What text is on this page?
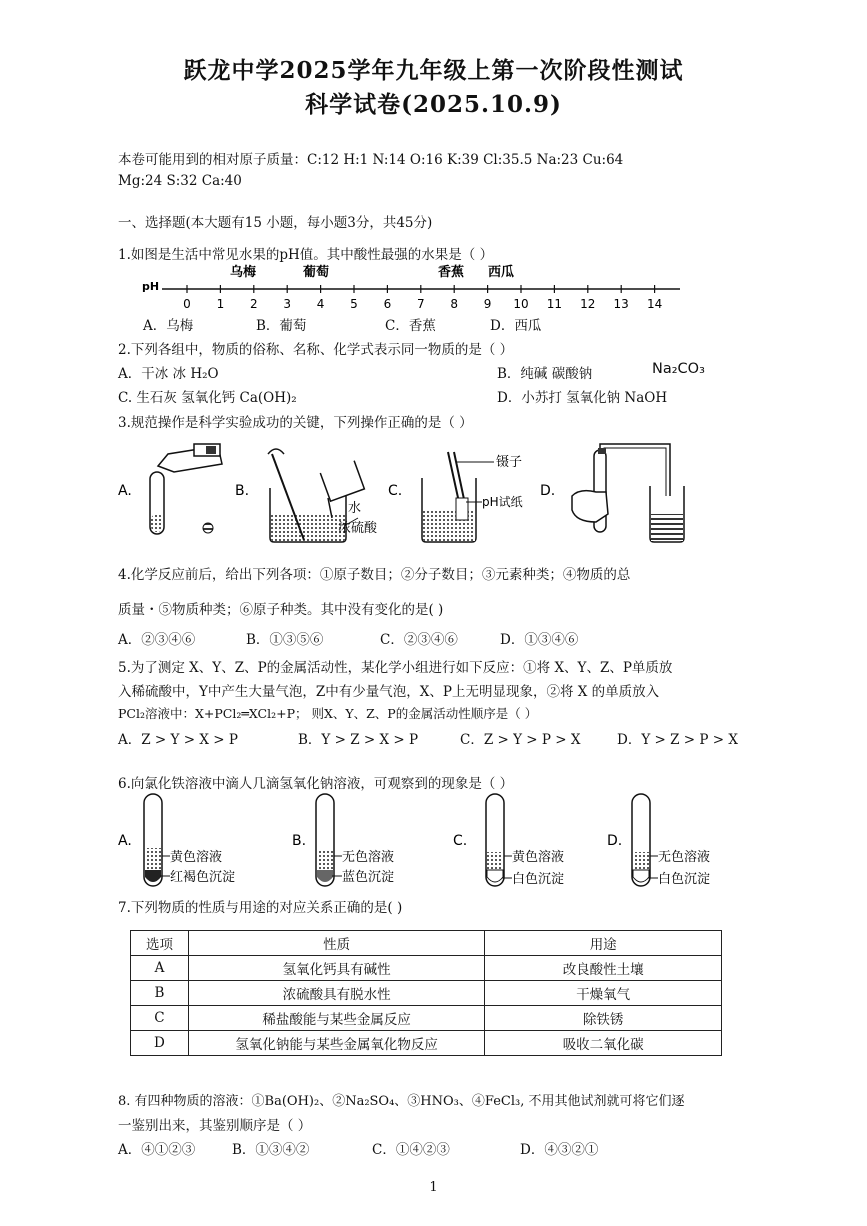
跃龙中学2025学年九年级上第一次阶段性测试
科学试卷(2025.10.9)
本卷可能用到的相对原子质量：C:12 H:1 N:14 O:16 K:39 Cl:35.5 Na:23 Cu:64
Mg:24 S:32 Ca:40
一、选择题(本大题有15 小题，每小题3分，共45分)
1.如图是生活中常见水果的pH值。其中酸性最强的水果是（ ）
pH
0 1 2 3 4 5 6 7 8 9 10 11 12 13 14
乌梅	葡萄	香蕉 西瓜
A．乌梅	B．葡萄	C．香蕉	D．西瓜
2.下列各组中，物质的俗称、名称、化学式表示同一物质的是（ ）
A．干冰 冰 H₂O	B．纯碱 碳酸钠	Na₂CO₃
C. 生石灰 氢氧化钙 Ca(OH)₂	D．小苏打 氢氧化钠 NaOH
3.规范操作是科学实验成功的关键，下列操作正确的是（ ）
A.	B.
水
浓硫酸
C.
镊子
pH试纸
D.
4.化学反应前后，给出下列各项：①原子数目；②分子数目；③元素种类；④物质的总
质量・⑤物质种类；⑥原子种类。其中没有变化的是( )
A．②③④⑥	B．①③⑤⑥	C．②③④⑥	D．①③④⑥
5.为了测定 X、Y、Z、P的金属活动性，某化学小组进行如下反应：①将 X、Y、Z、P单质放
入稀硫酸中，Y中产生大量气泡，Z中有少量气泡，X、P上无明显现象，②将 X 的单质放入
PCl₂溶液中：X+PCl₂═XCl₂+P； 则X、Y、Z、P的金属活动性顺序是（ ）
A．Z > Y > X > P	B．Y > Z > X > P	C．Z > Y > P > X	D．Y > Z > P > X
6.向氯化铁溶液中滴人几滴氢氧化钠溶液，可观察到的现象是（ ）
A.
黄色溶液
红褐色沉淀
B.
无色溶液
蓝色沉淀
C.
黄色溶液
白色沉淀
D.
无色溶液
白色沉淀
7.下列物质的性质与用途的对应关系正确的是( )
选项	性质	用途
A	氢氧化钙具有碱性	改良酸性土壤
B	浓硫酸具有脱水性	干燥氧气
C	稀盐酸能与某些金属反应	除铁锈
D	氢氧化钠能与某些金属氧化物反应	吸收二氧化碳
8. 有四种物质的溶液：①Ba(OH)₂、②Na₂SO₄、③HNO₃、④FeCl₃, 不用其他试剂就可将它们逐
一鉴别出来，其鉴别顺序是（ ）
A．④①②③	B．①③④②	C．①④②③	D．④③②①
1
